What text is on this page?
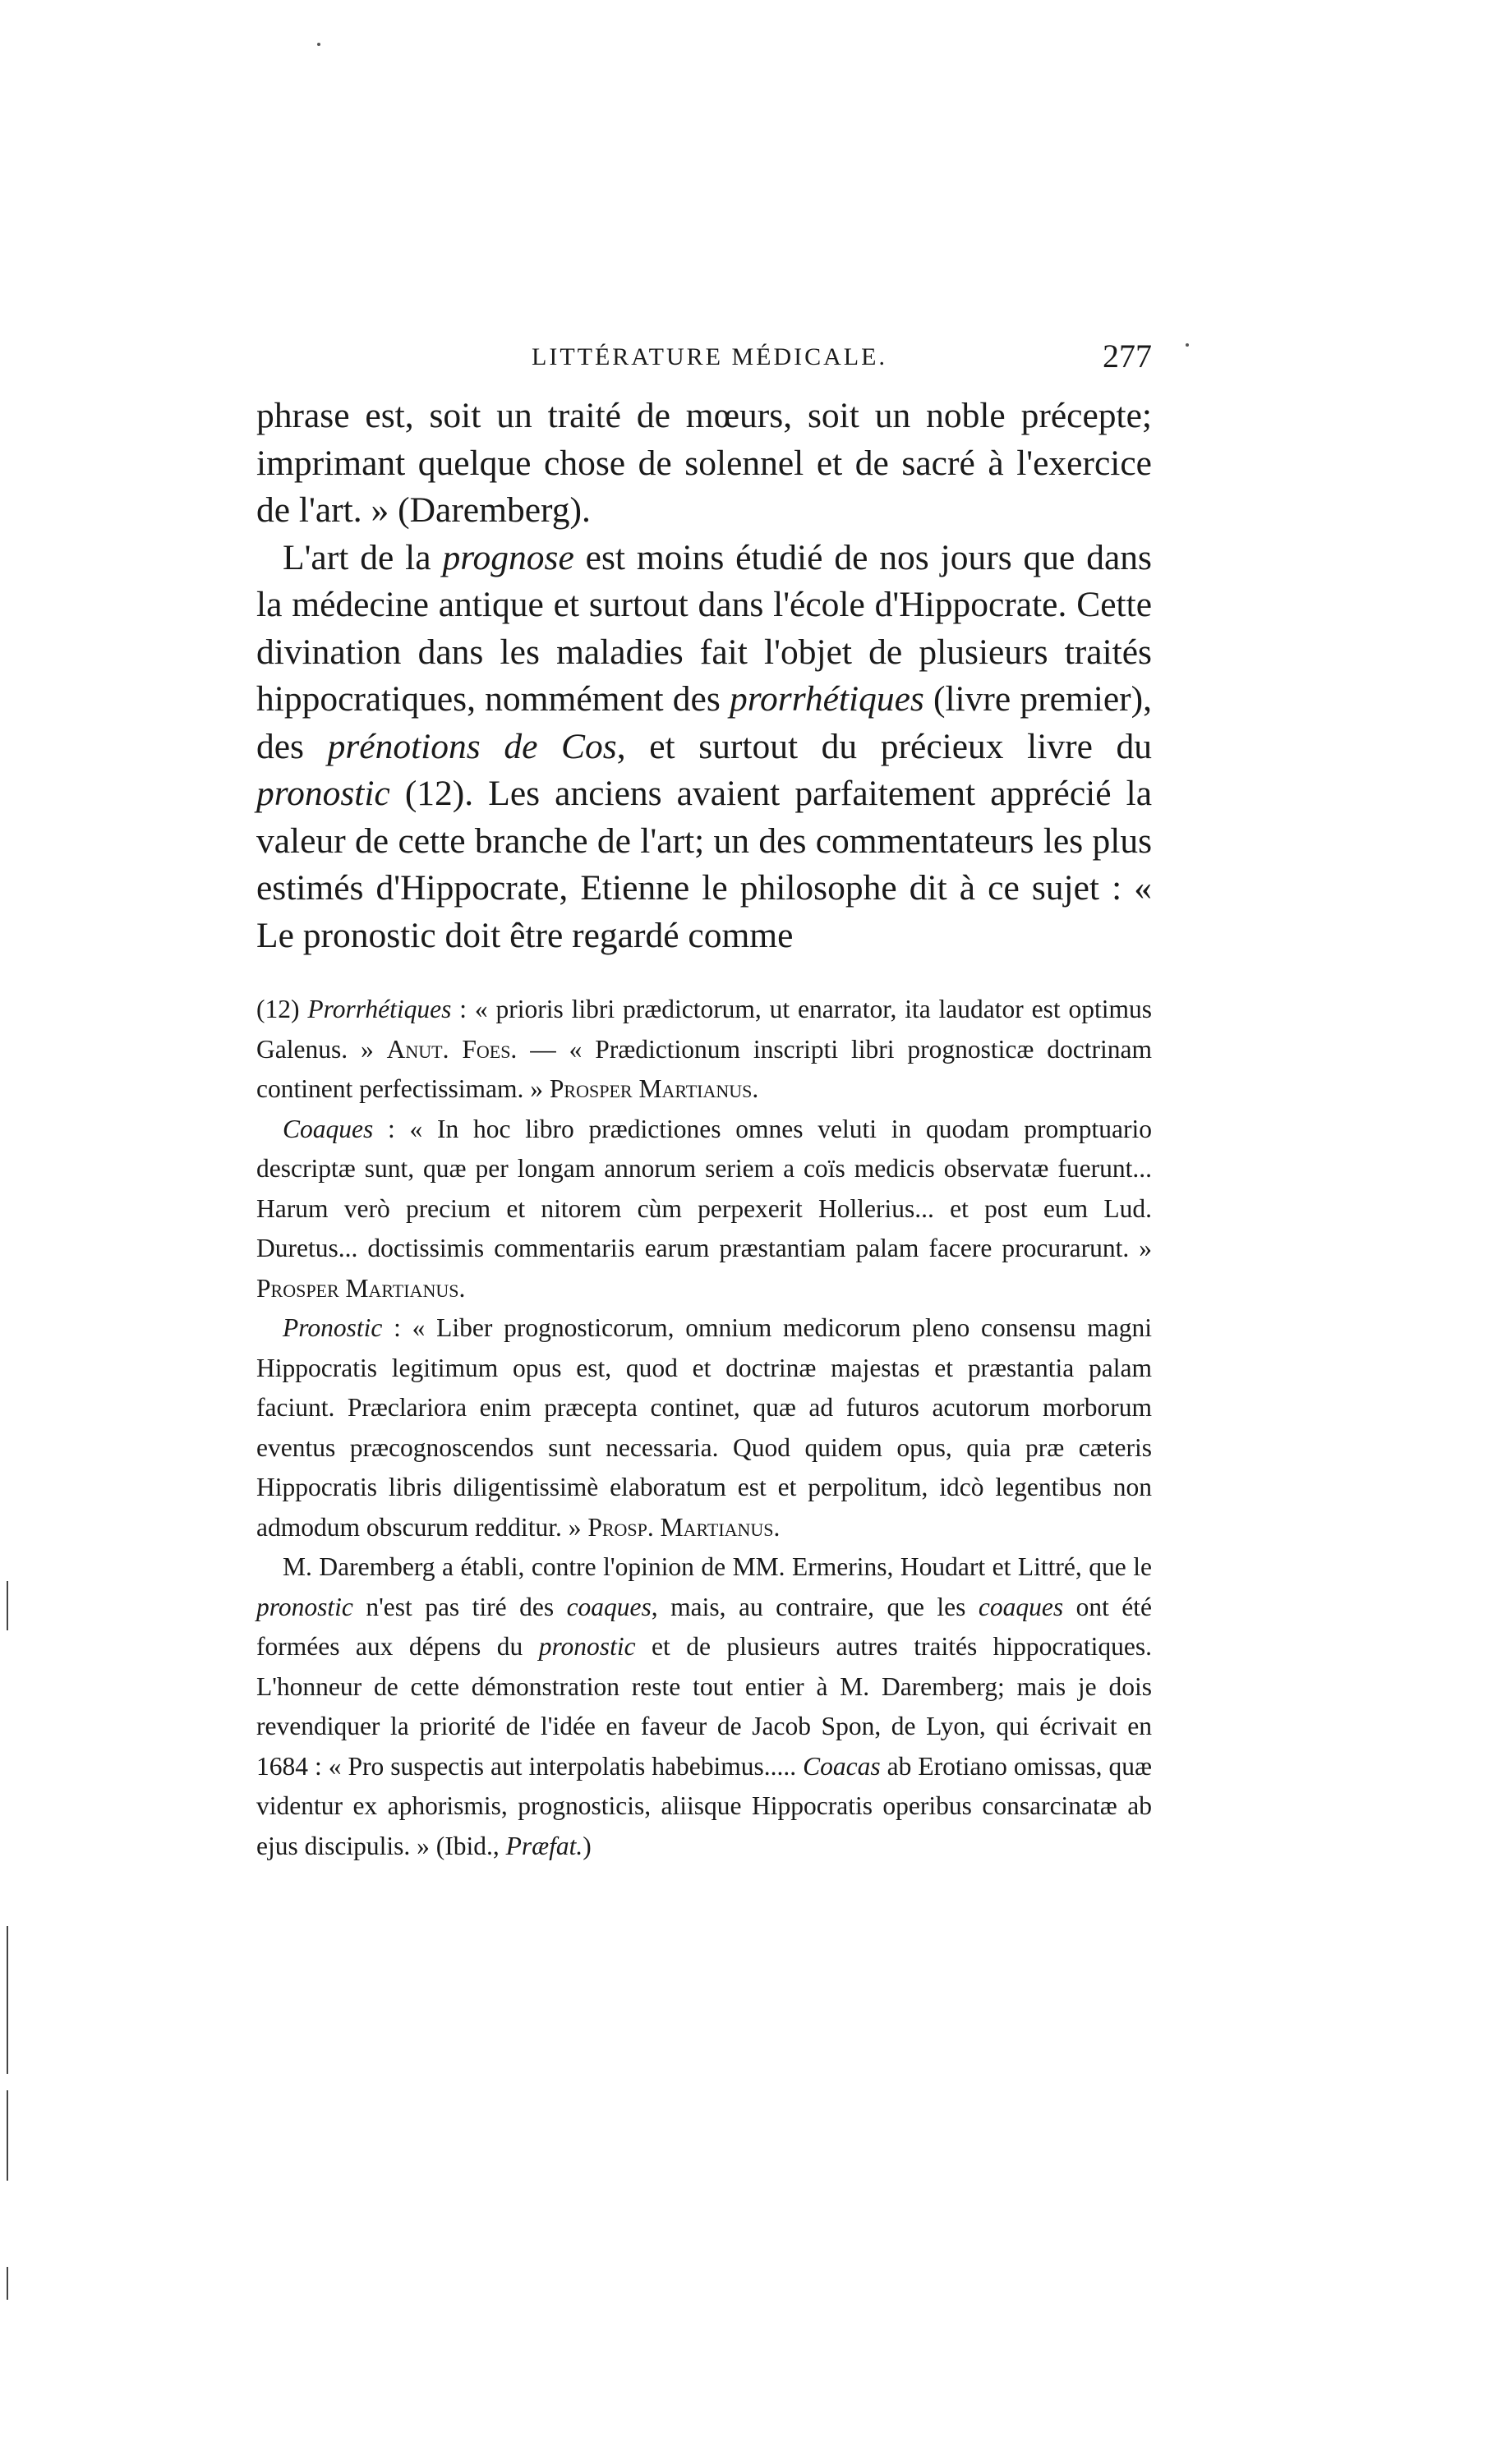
LITTÉRATURE MÉDICALE.	277

phrase est, soit un traité de mœurs, soit un noble précepte; imprimant quelque chose de solennel et de sacré à l'exercice de l'art. » (Daremberg).

L'art de la prognose est moins étudié de nos jours que dans la médecine antique et surtout dans l'école d'Hippocrate. Cette divination dans les maladies fait l'objet de plusieurs traités hippocratiques, nommément des prorrhétiques (livre premier), des prénotions de Cos, et surtout du précieux livre du pronostic (12). Les anciens avaient parfaitement apprécié la valeur de cette branche de l'art; un des commentateurs les plus estimés d'Hippocrate, Etienne le philosophe dit à ce sujet : « Le pronostic doit être regardé comme

(12) Prorrhétiques : « prioris libri prædictorum, ut enarrator, ita laudator est optimus Galenus. » Anut. Foes. — « Prædictionum inscripti libri prognosticæ doctrinam continent perfectissimam. » Prosper Martianus.

Coaques : « In hoc libro prædictiones omnes veluti in quodam promptuario descriptæ sunt, quæ per longam annorum seriem a coïs medicis observatæ fuerunt... Harum verò precium et nitorem cùm perpexerit Hollerius... et post eum Lud. Duretus... doctissimis commentariis earum præstantiam palam facere procurarunt. » Prosper Martianus.

Pronostic : « Liber prognosticorum, omnium medicorum pleno consensu magni Hippocratis legitimum opus est, quod et doctrinæ majestas et præstantia palam faciunt. Præclariora enim præcepta continet, quæ ad futuros acutorum morborum eventus præcognoscendos sunt necessaria. Quod quidem opus, quia præ cæteris Hippocratis libris diligentissimè elaboratum est et perpolitum, idcò legentibus non admodum obscurum redditur. » Prosp. Martianus.

M. Daremberg a établi, contre l'opinion de MM. Ermerins, Houdart et Littré, que le pronostic n'est pas tiré des coaques, mais, au contraire, que les coaques ont été formées aux dépens du pronostic et de plusieurs autres traités hippocratiques. L'honneur de cette démonstration reste tout entier à M. Daremberg; mais je dois revendiquer la priorité de l'idée en faveur de Jacob Spon, de Lyon, qui écrivait en 1684 : « Pro suspectis aut interpolatis habebimus..... Coacas ab Erotiano omissas, quæ videntur ex aphorismis, prognosticis, aliisque Hippocratis operibus consarcinatæ ab ejus discipulis. » (Ibid., Præfat.)
